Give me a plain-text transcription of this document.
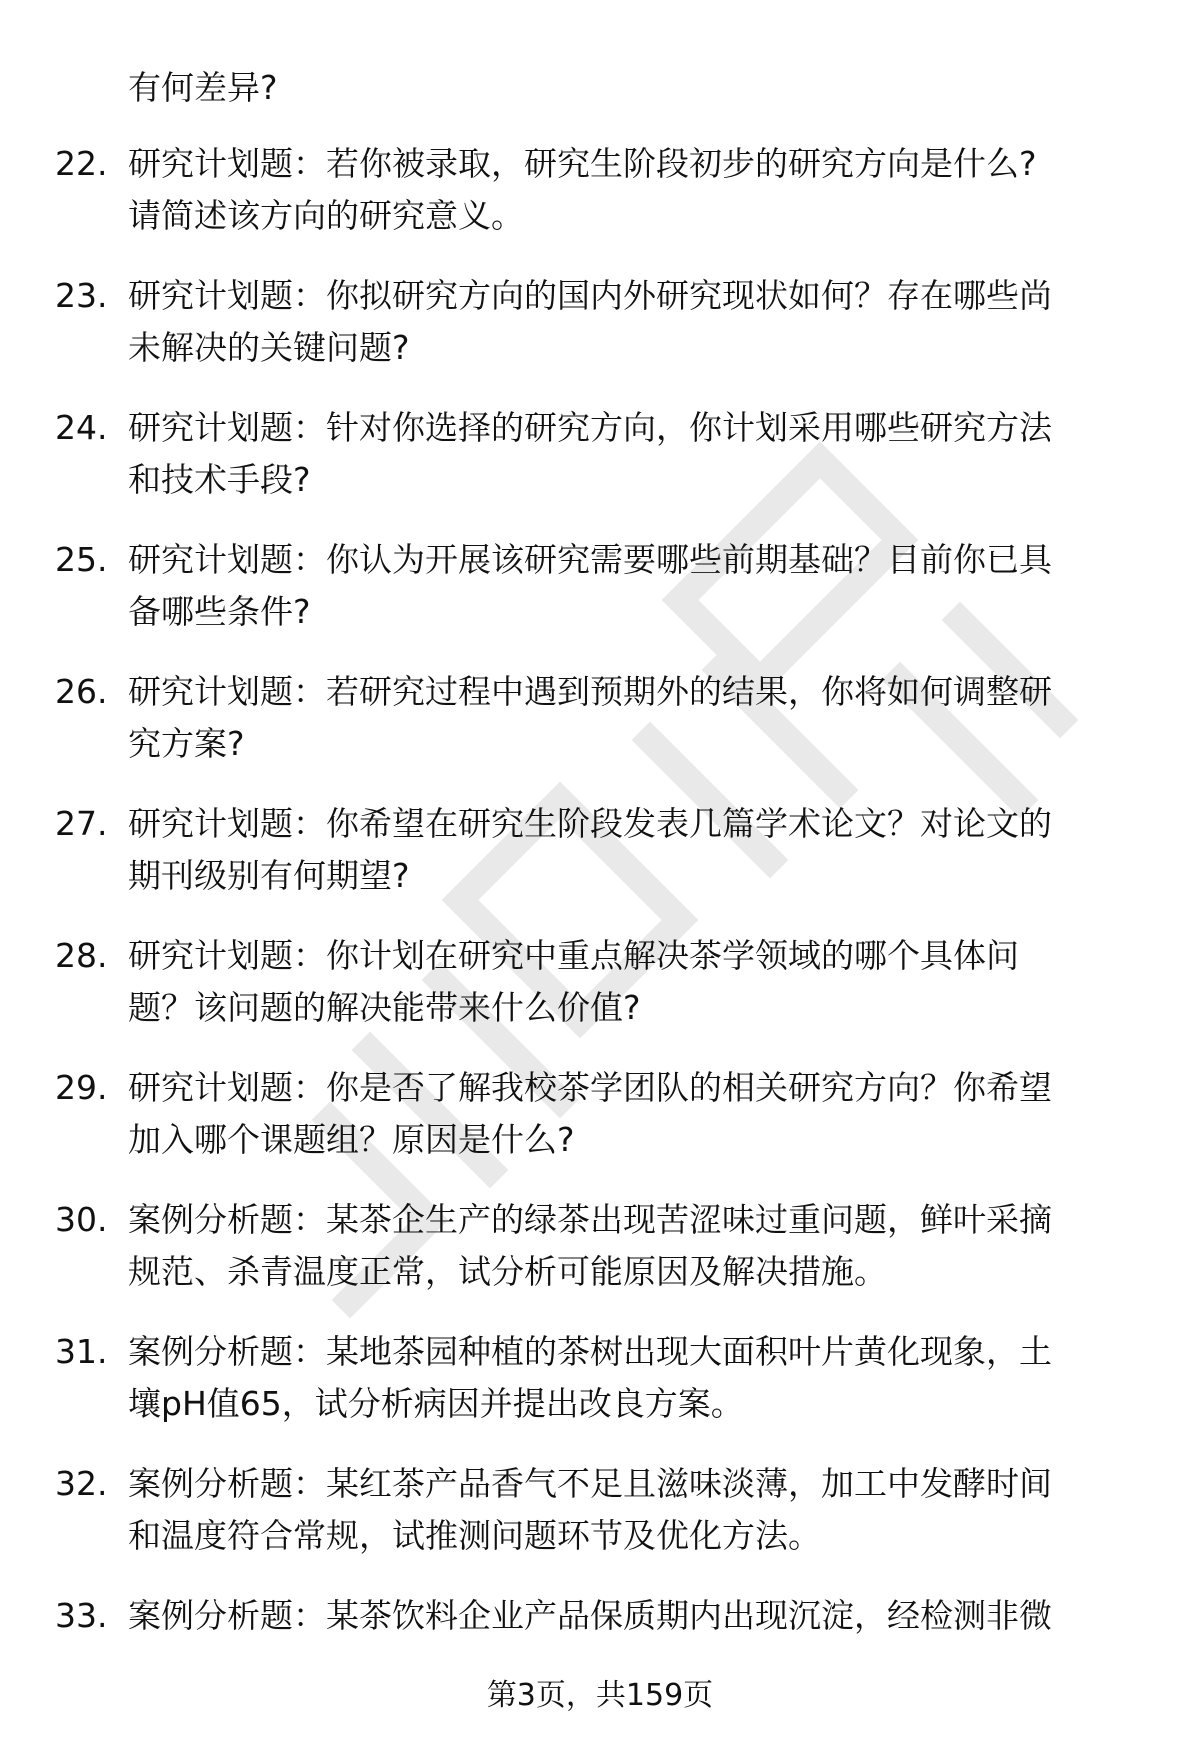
有何差异?
22. 研究计划题：若你被录取，研究生阶段初步的研究方向是什么?
请简述该方向的研究意义。
23. 研究计划题：你拟研究方向的国内外研究现状如何？存在哪些尚
未解决的关键问题?
24. 研究计划题：针对你选择的研究方向，你计划采用哪些研究方法
和技术手段?
25. 研究计划题：你认为开展该研究需要哪些前期基础？目前你已具
备哪些条件?
26. 研究计划题：若研究过程中遇到预期外的结果，你将如何调整研
究方案?
27. 研究计划题：你希望在研究生阶段发表几篇学术论文？对论文的
期刊级别有何期望?
28. 研究计划题：你计划在研究中重点解决茶学领域的哪个具体问
题？该问题的解决能带来什么价值?
29. 研究计划题：你是否了解我校茶学团队的相关研究方向？你希望
加入哪个课题组？原因是什么?
30. 案例分析题：某茶企生产的绿茶出现苦涩味过重问题，鲜叶采摘
规范、杀青温度正常，试分析可能原因及解决措施。
31. 案例分析题：某地茶园种植的茶树出现大面积叶片黄化现象，土
壤pH值65，试分析病因并提出改良方案。
32. 案例分析题：某红茶产品香气不足且滋味淡薄，加工中发酵时间
和温度符合常规，试推测问题环节及优化方法。
33. 案例分析题：某茶饮料企业产品保质期内出现沉淀，经检测非微
第3页，共159页
